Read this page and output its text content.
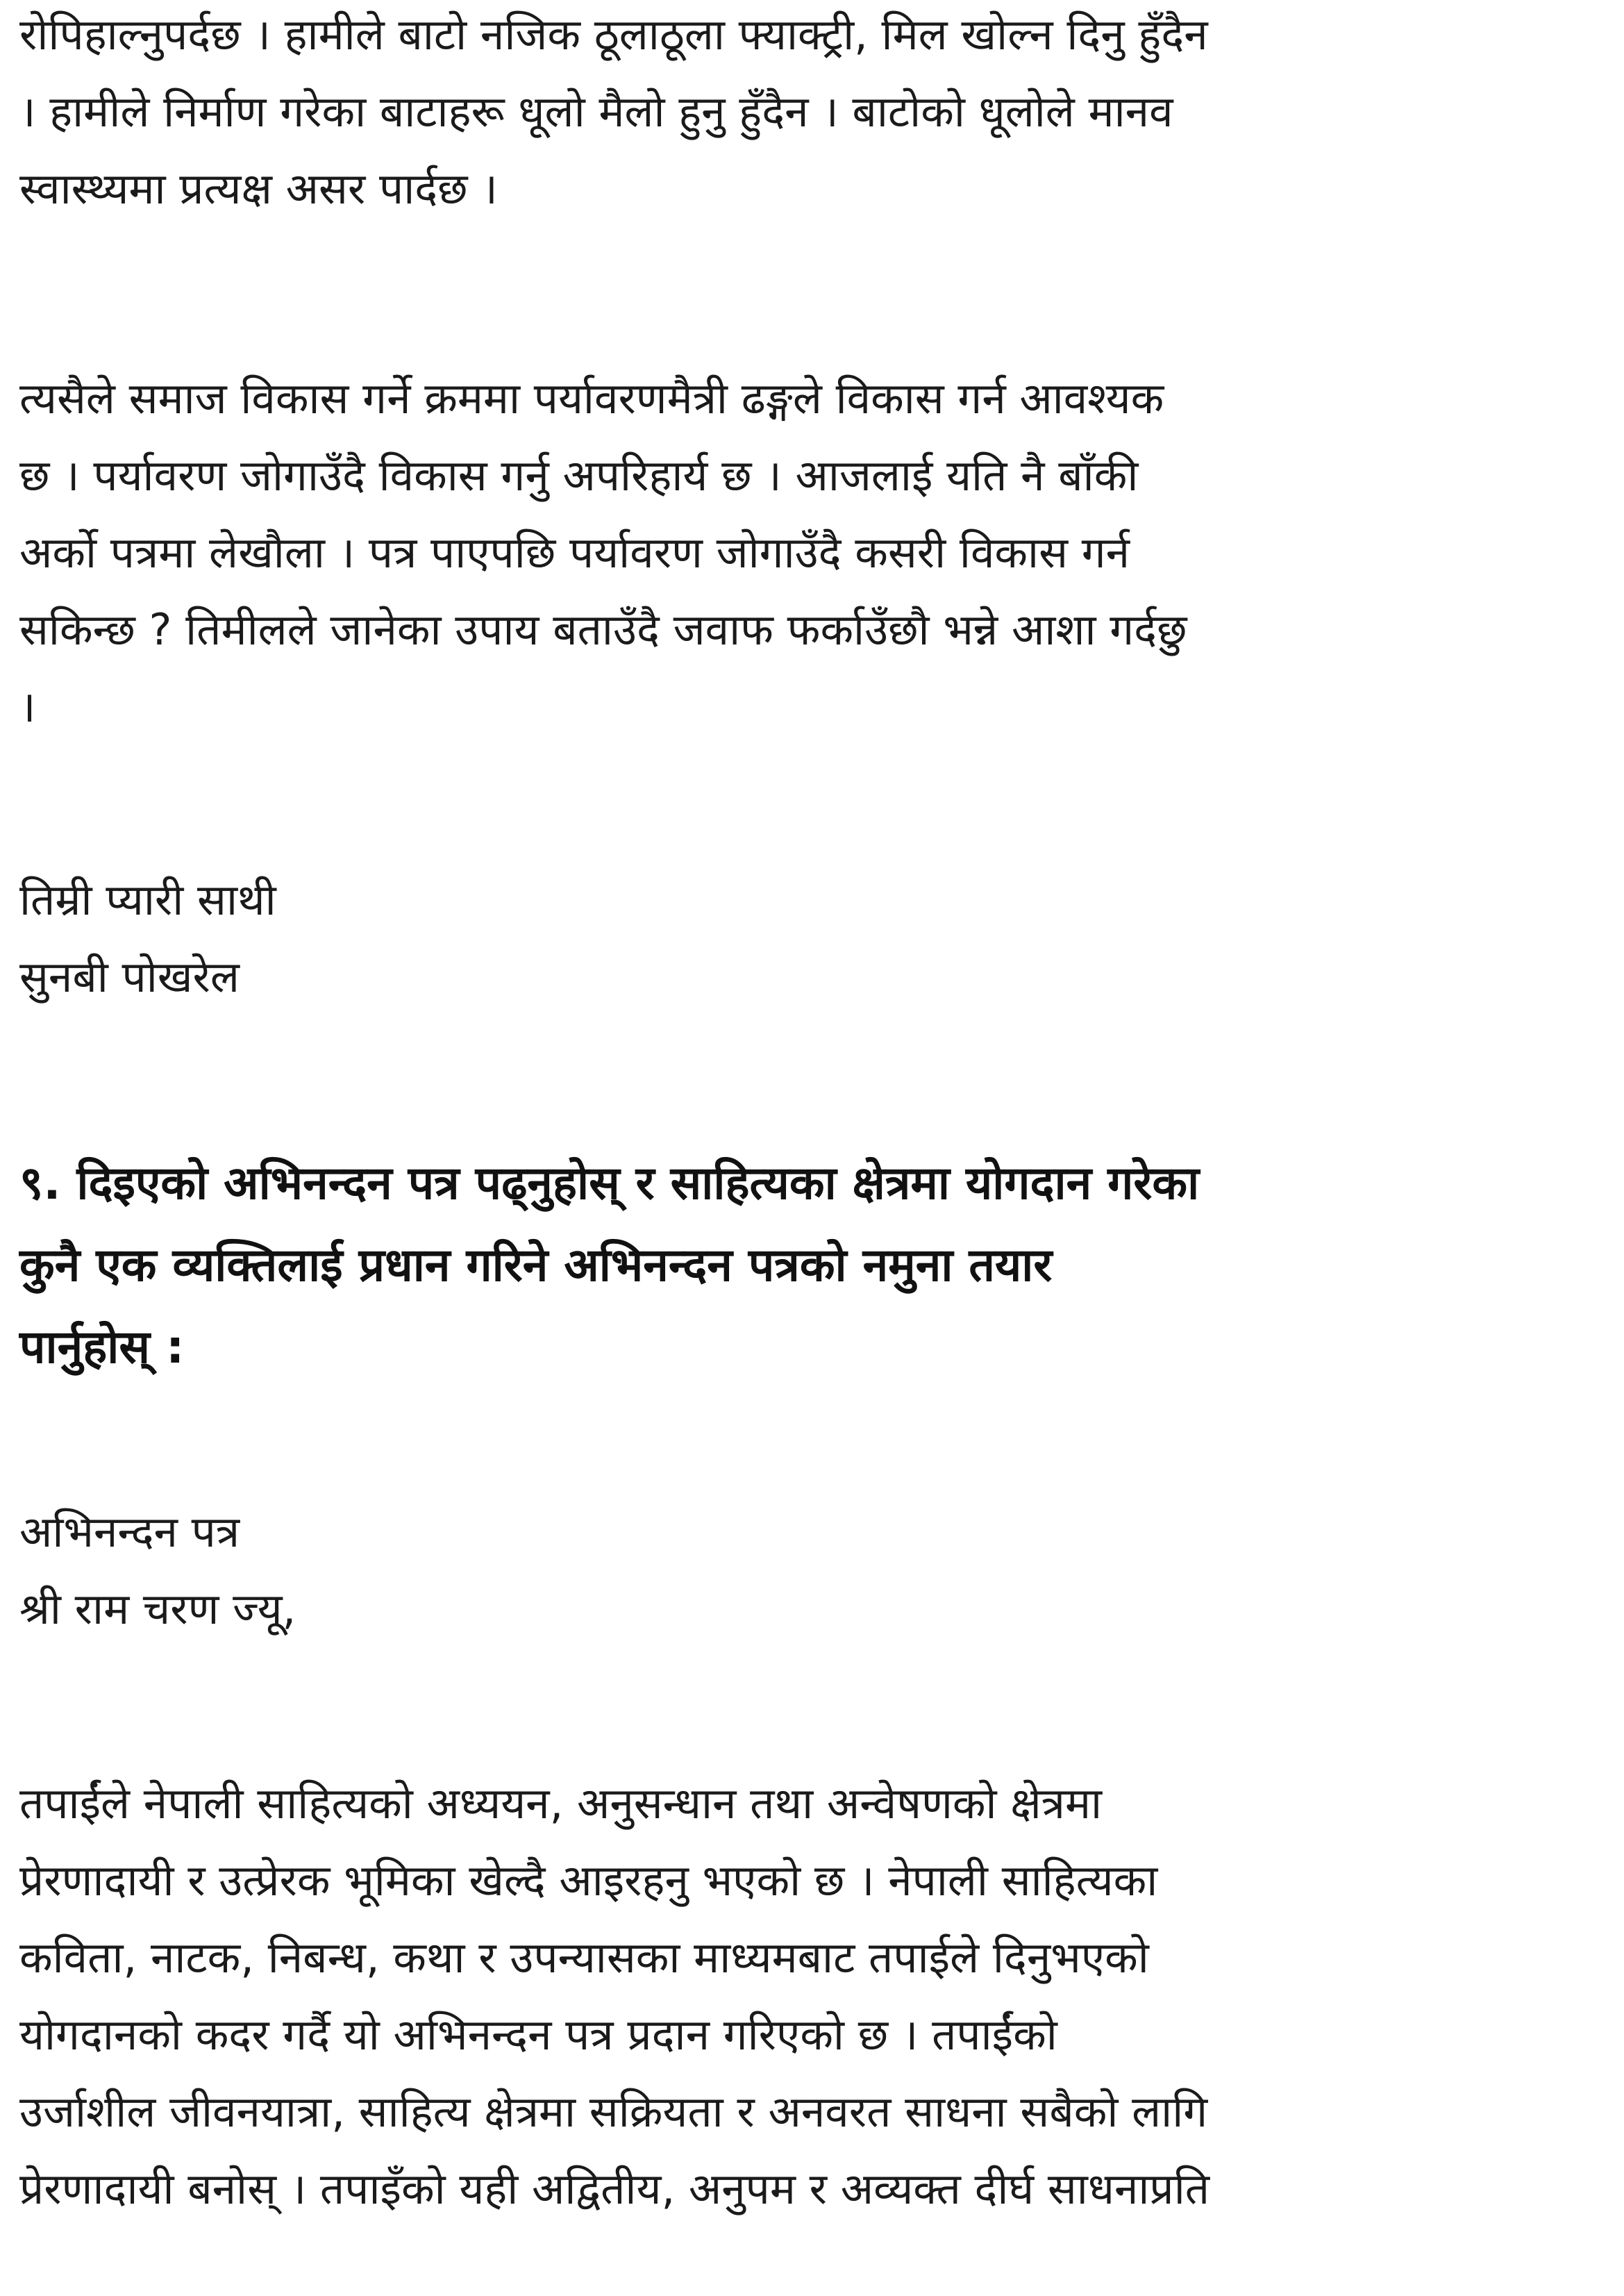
रोपिहाल्नुपर्दछ । हामीले बाटो नजिक ठूलाठूला फ्याक्ट्री, मिल खोल्न दिनु हुँदैन
। हामीले निर्माण गरेका बाटाहरू धूलो मैलो हुनु हुँदैन । बाटोको धूलोले मानव
स्वास्थ्यमा प्रत्यक्ष असर पार्दछ ।

त्यसैले समाज विकास गर्ने क्रममा पर्यावरणमैत्री ढङ्गले विकास गर्न आवश्यक
छ । पर्यावरण जोगाउँदै विकास गर्नु अपरिहार्य छ । आजलाई यति नै बाँकी
अर्को पत्रमा लेखौला । पत्र पाएपछि पर्यावरण जोगाउँदै कसरी विकास गर्न
सकिन्छ ? तिमीलले जानेका उपाय बताउँदै जवाफ फर्काउँछौ भन्ने आशा गर्दछु
।

तिम्री प्यारी साथी
सुनबी पोखरेल
९. दिइएको अभिनन्दन पत्र पढ्नुहोस् र साहित्यका क्षेत्रमा योगदान गरेका
कुनै एक व्यक्तिलाई प्रधान गरिने अभिनन्दन पत्रको नमुना तयार
पार्नुहोस् :
अभिनन्दन पत्र
श्री राम चरण ज्यू,

तपाईंले नेपाली साहित्यको अध्ययन, अनुसन्धान तथा अन्वेषणको क्षेत्रमा
प्रेरणादायी र उत्प्रेरक भूमिका खेल्दै आइरहनु भएको छ । नेपाली साहित्यका
कविता, नाटक, निबन्ध, कथा र उपन्यासका माध्यमबाट तपाईले दिनुभएको
योगदानको कदर गर्दै यो अभिनन्दन पत्र प्रदान गरिएको छ । तपाईंको
उर्जाशील जीवनयात्रा, साहित्य क्षेत्रमा सक्रियता र अनवरत साधना सबैको लागि
प्रेरणादायी बनोस् । तपाइँको यही अद्वितीय, अनुपम र अव्यक्त दीर्घ साधनाप्रति
